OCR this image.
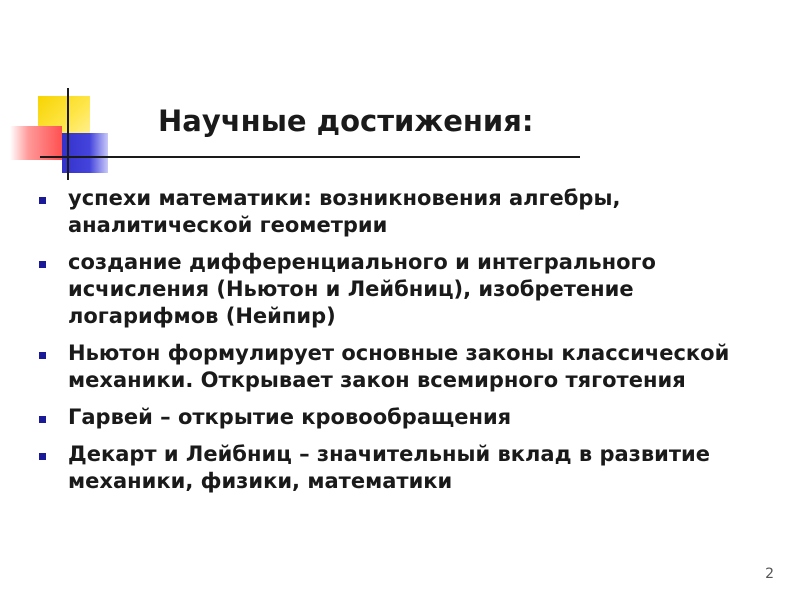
Научные достижения:
успехи математики: возникновения алгебры, аналитической геометрии
создание дифференциального и интегрального исчисления (Ньютон и Лейбниц), изобретение логарифмов (Нейпир)
Ньютон формулирует основные законы классической механики. Открывает закон всемирного тяготения
Гарвей – открытие кровообращения
Декарт и Лейбниц – значительный вклад в развитие механики, физики, математики
2
